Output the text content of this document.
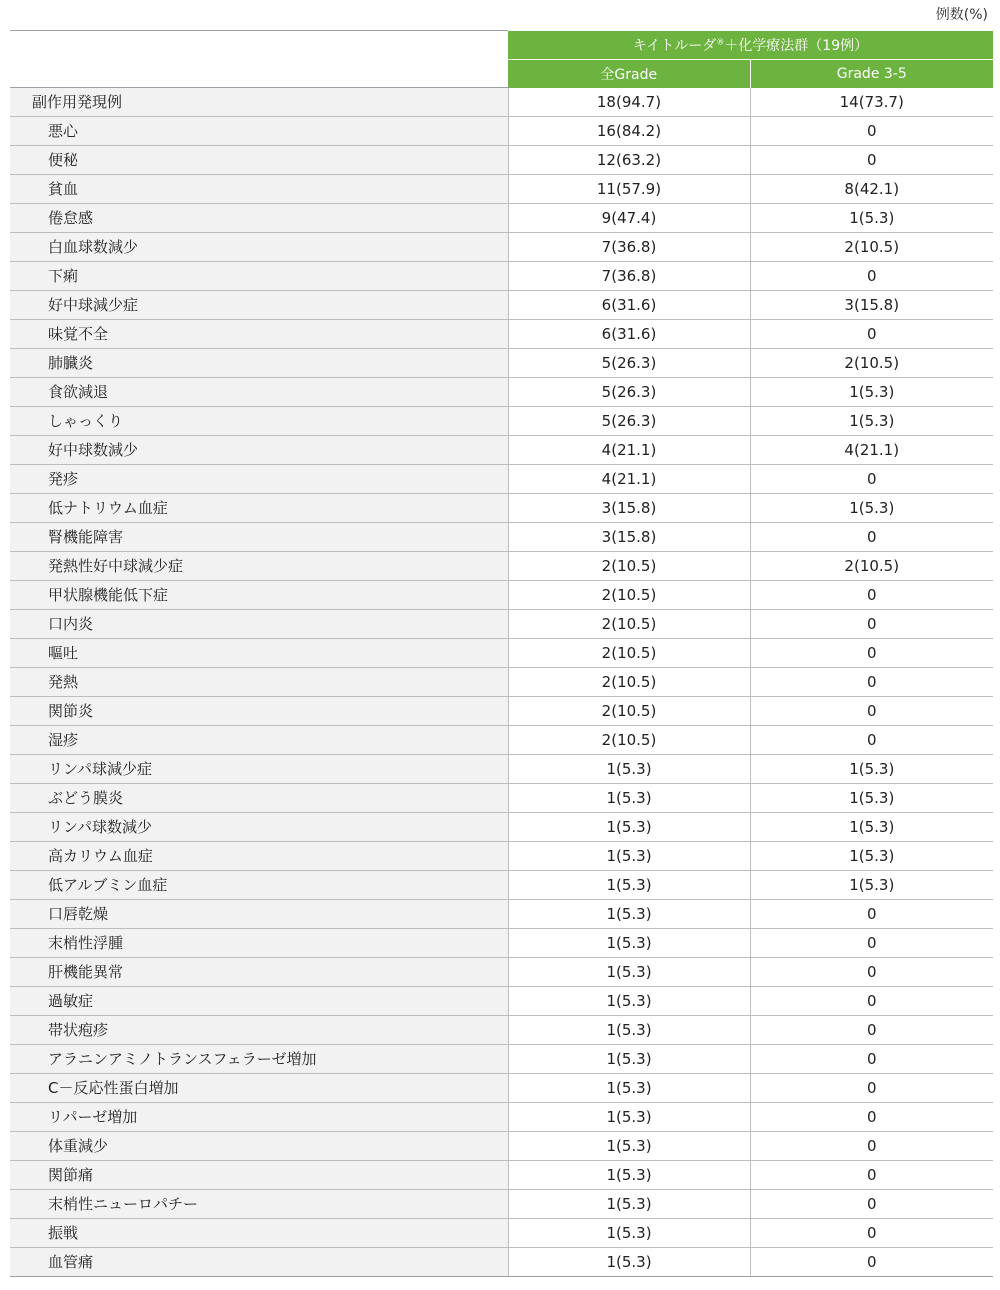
例数(%)
	キイトルーダ®＋化学療法群（19例）	
	全Grade	Grade 3-5
副作用発現例	18(94.7)	14(73.7)
悪心	16(84.2)	0
便秘	12(63.2)	0
貧血	11(57.9)	8(42.1)
倦怠感	9(47.4)	1(5.3)
白血球数減少	7(36.8)	2(10.5)
下痢	7(36.8)	0
好中球減少症	6(31.6)	3(15.8)
味覚不全	6(31.6)	0
肺臓炎	5(26.3)	2(10.5)
食欲減退	5(26.3)	1(5.3)
しゃっくり	5(26.3)	1(5.3)
好中球数減少	4(21.1)	4(21.1)
発疹	4(21.1)	0
低ナトリウム血症	3(15.8)	1(5.3)
腎機能障害	3(15.8)	0
発熱性好中球減少症	2(10.5)	2(10.5)
甲状腺機能低下症	2(10.5)	0
口内炎	2(10.5)	0
嘔吐	2(10.5)	0
発熱	2(10.5)	0
関節炎	2(10.5)	0
湿疹	2(10.5)	0
リンパ球減少症	1(5.3)	1(5.3)
ぶどう膜炎	1(5.3)	1(5.3)
リンパ球数減少	1(5.3)	1(5.3)
高カリウム血症	1(5.3)	1(5.3)
低アルブミン血症	1(5.3)	1(5.3)
口唇乾燥	1(5.3)	0
末梢性浮腫	1(5.3)	0
肝機能異常	1(5.3)	0
過敏症	1(5.3)	0
帯状疱疹	1(5.3)	0
アラニンアミノトランスフェラーゼ増加	1(5.3)	0
C－反応性蛋白増加	1(5.3)	0
リパーゼ増加	1(5.3)	0
体重減少	1(5.3)	0
関節痛	1(5.3)	0
末梢性ニューロパチー	1(5.3)	0
振戦	1(5.3)	0
血管痛	1(5.3)	0
